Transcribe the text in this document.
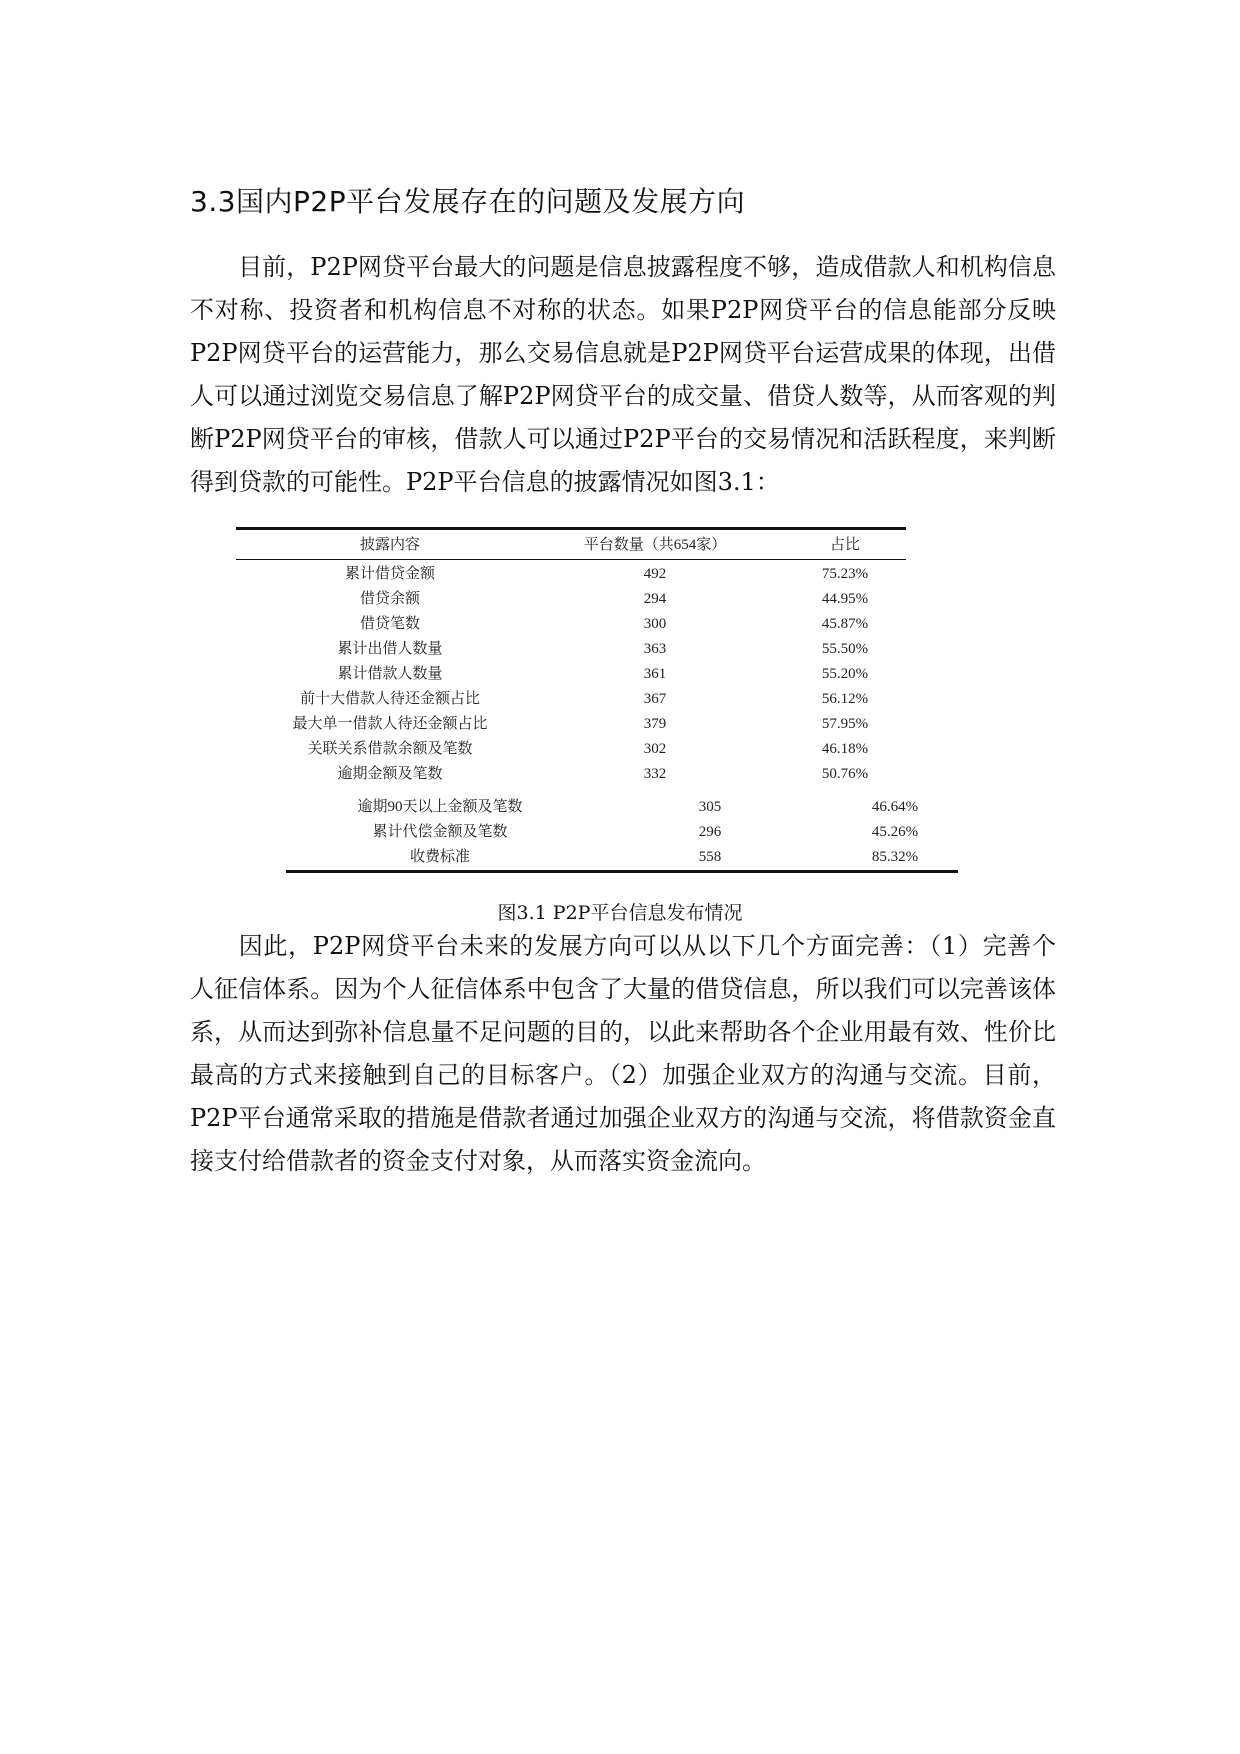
3.3国内P2P平台发展存在的问题及发展方向

目前，P2P网贷平台最大的问题是信息披露程度不够，造成借款人和机构信息不对称、投资者和机构信息不对称的状态。如果P2P网贷平台的信息能部分反映P2P网贷平台的运营能力，那么交易信息就是P2P网贷平台运营成果的体现，出借人可以通过浏览交易信息了解P2P网贷平台的成交量、借贷人数等，从而客观的判断P2P网贷平台的审核，借款人可以通过P2P平台的交易情况和活跃程度，来判断得到贷款的可能性。P2P平台信息的披露情况如图3.1：

披露内容	平台数量（共654家）	占比
累计借贷金额	492	75.23%
借贷余额	294	44.95%
借贷笔数	300	45.87%
累计出借人数量	363	55.50%
累计借款人数量	361	55.20%
前十大借款人待还金额占比	367	56.12%
最大单一借款人待还金额占比	379	57.95%
关联关系借款余额及笔数	302	46.18%
逾期金额及笔数	332	50.76%
逾期90天以上金额及笔数	305	46.64%
累计代偿金额及笔数	296	45.26%
收费标准	558	85.32%
图3.1 P2P平台信息发布情况

因此，P2P网贷平台未来的发展方向可以从以下几个方面完善：（1）完善个人征信体系。因为个人征信体系中包含了大量的借贷信息，所以我们可以完善该体系，从而达到弥补信息量不足问题的目的，以此来帮助各个企业用最有效、性价比最高的方式来接触到自己的目标客户。（2）加强企业双方的沟通与交流。目前，P2P平台通常采取的措施是借款者通过加强企业双方的沟通与交流，将借款资金直接支付给借款者的资金支付对象，从而落实资金流向。
